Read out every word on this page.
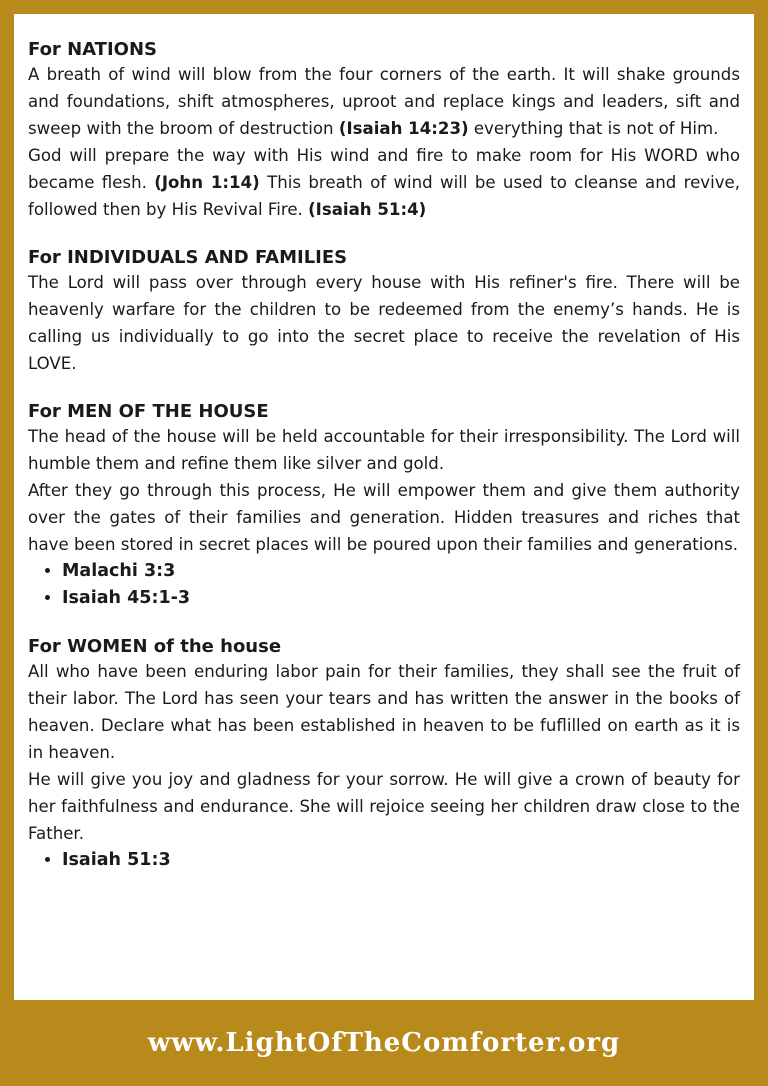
For NATIONS

A breath of wind will blow from the four corners of the earth. It will shake grounds and foundations, shift atmospheres, uproot and replace kings and leaders, sift and sweep with the broom of destruction (Isaiah 14:23) everything that is not of Him.

God will prepare the way with His wind and fire to make room for His WORD who became flesh. (John 1:14) This breath of wind will be used to cleanse and revive, followed then by His Revival Fire. (Isaiah 51:4)

For INDIVIDUALS AND FAMILIES

The Lord will pass over through every house with His refiner's fire. There will be heavenly warfare for the children to be redeemed from the enemy’s hands. He is calling us individually to go into the secret place to receive the revelation of His LOVE.

For MEN OF THE HOUSE

The head of the house will be held accountable for their irresponsibility. The Lord will humble them and refine them like silver and gold.

After they go through this process, He will empower them and give them authority over the gates of their families and generation. Hidden treasures and riches that have been stored in secret places will be poured upon their families and generations.

• Malachi 3:3
• Isaiah 45:1-3
For WOMEN of the house

All who have been enduring labor pain for their families, they shall see the fruit of their labor. The Lord has seen your tears and has written the answer in the books of heaven. Declare what has been established in heaven to be fuflilled on earth as it is in heaven.

He will give you joy and gladness for your sorrow. He will give a crown of beauty for her faithfulness and endurance. She will rejoice seeing her children draw close to the Father.

• Isaiah 51:3
www.LightOfTheComforter.org
